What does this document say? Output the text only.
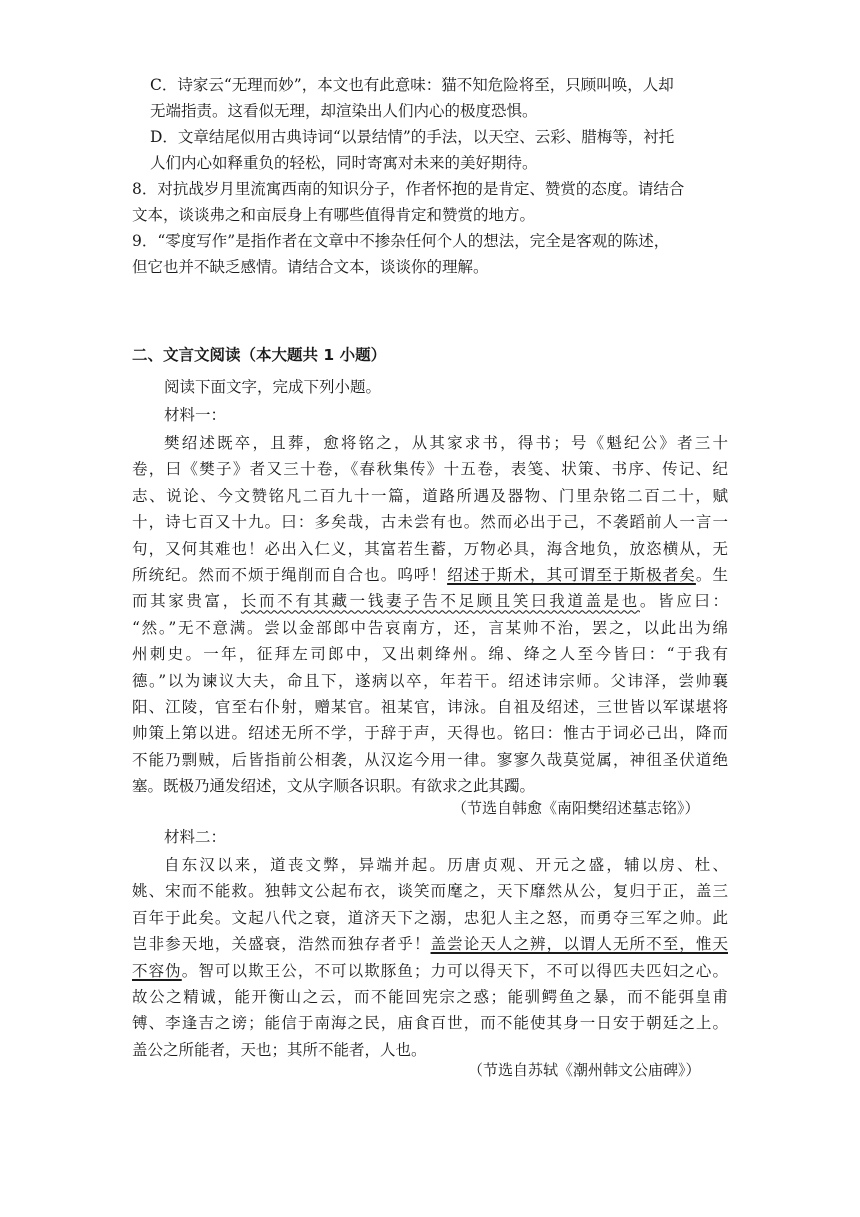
C．诗家云“无理而妙”，本文也有此意味：猫不知危险将至，只顾叫唤，人却
无端指责。这看似无理，却渲染出人们内心的极度恐惧。
D．文章结尾似用古典诗词“以景结情”的手法，以天空、云彩、腊梅等，衬托
人们内心如释重负的轻松，同时寄寓对未来的美好期待。
8．对抗战岁月里流寓西南的知识分子，作者怀抱的是肯定、赞赏的态度。请结合
文本，谈谈弗之和亩辰身上有哪些值得肯定和赞赏的地方。
9．“零度写作”是指作者在文章中不掺杂任何个人的想法，完全是客观的陈述，
但它也并不缺乏感情。请结合文本，谈谈你的理解。
二、文言文阅读（本大题共 1 小题）
阅读下面文字，完成下列小题。
材料一：
樊绍述既卒，且葬，愈将铭之，从其家求书，得书；号《魁纪公》者三十
卷，曰《樊子》者又三十卷，《春秋集传》十五卷，表笺、状策、书序、传记、纪
志、说论、今文赞铭凡二百九十一篇，道路所遇及器物、门里杂铭二百二十，赋
十，诗七百又十九。曰：多矣哉，古未尝有也。然而必出于己，不袭蹈前人一言一
句，又何其难也！必出入仁义，其富若生蓄，万物必具，海含地负，放恣横从，无
所统纪。然而不烦于绳削而自合也。呜呼！绍述于斯术，其可谓至于斯极者矣。生
而其家贵富，长而不有其藏一钱妻子告不足顾且笑曰我道盖是也。皆应曰：
“然。”无不意满。尝以金部郎中告哀南方，还，言某帅不治，罢之，以此出为绵
州刺史。一年，征拜左司郎中，又出刺绛州。绵、绛之人至今皆曰：“于我有
德。”以为谏议大夫，命且下，遂病以卒，年若干。绍述讳宗师。父讳泽，尝帅襄
阳、江陵，官至右仆射，赠某官。祖某官，讳泳。自祖及绍述，三世皆以军谋堪将
帅策上第以进。绍述无所不学，于辞于声，天得也。铭曰：惟古于词必己出，降而
不能乃剽贼，后皆指前公相袭，从汉迄今用一律。寥寥久哉莫觉属，神徂圣伏道绝
塞。既极乃通发绍述，文从字顺各识职。有欲求之此其躅。
（节选自韩愈《南阳樊绍述墓志铭》）
材料二：
自东汉以来，道丧文弊，异端并起。历唐贞观、开元之盛，辅以房、杜、
姚、宋而不能救。独韩文公起布衣，谈笑而麾之，天下靡然从公，复归于正，盖三
百年于此矣。文起八代之衰，道济天下之溺，忠犯人主之怒，而勇夺三军之帅。此
岂非参天地，关盛衰，浩然而独存者乎！盖尝论天人之辨，以谓人无所不至，惟天
不容伪。智可以欺王公，不可以欺豚鱼；力可以得天下，不可以得匹夫匹妇之心。
故公之精诚，能开衡山之云，而不能回宪宗之惑；能驯鳄鱼之暴，而不能弭皇甫
镈、李逢吉之谤；能信于南海之民，庙食百世，而不能使其身一日安于朝廷之上。
盖公之所能者，天也；其所不能者，人也。
（节选自苏轼《潮州韩文公庙碑》）
